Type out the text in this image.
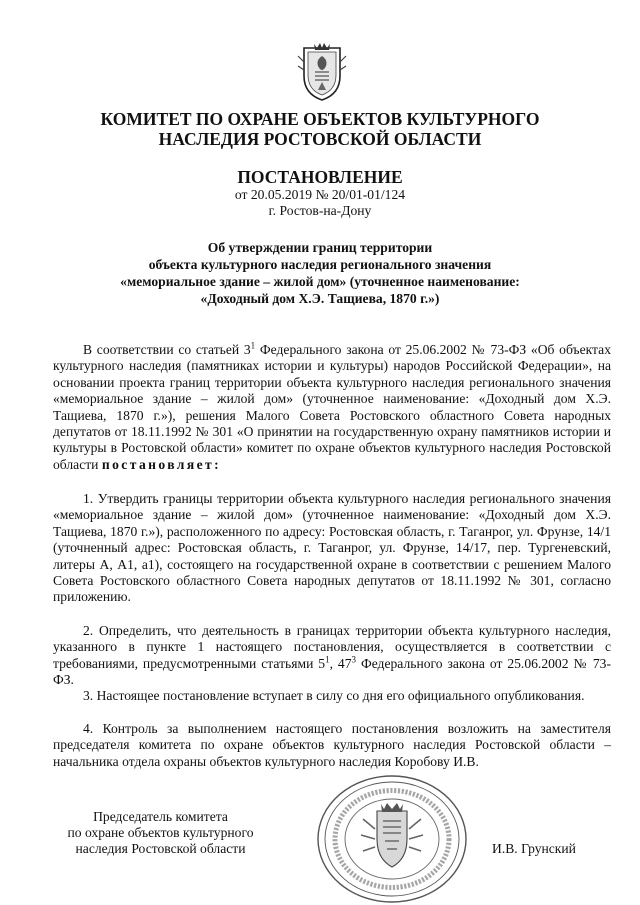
КОМИТЕТ ПО ОХРАНЕ ОБЪЕКТОВ КУЛЬТУРНОГО
НАСЛЕДИЯ РОСТОВСКОЙ ОБЛАСТИ
ПОСТАНОВЛЕНИЕ
от 20.05.2019 № 20/01-01/124
г. Ростов-на-Дону
Об утверждении границ территории
объекта культурного наследия регионального значения
«мемориальное здание – жилой дом» (уточненное наименование:
«Доходный дом Х.Э. Тащиева, 1870 г.»)
В соответствии со статьей $3^1$ Федерального закона от 25.06.2002 № 73-ФЗ «Об объектах культурного наследия (памятниках истории и культуры) народов Российской Федерации», на основании проекта границ территории объекта культурного наследия регионального значения «мемориальное здание – жилой дом» (уточненное наименование: «Доходный дом Х.Э. Тащиева, 1870 г.»), решения Малого Совета Ростовского областного Совета народных депутатов от 18.11.1992 № 301 «О принятии на государственную охрану памятников истории и культуры в Ростовской области» комитет по охране объектов культурного наследия Ростовской области постановляет:
1. Утвердить границы территории объекта культурного наследия регионального значения «мемориальное здание – жилой дом» (уточненное наименование: «Доходный дом Х.Э. Тащиева, 1870 г.»), расположенного по адресу: Ростовская область, г. Таганрог, ул. Фрунзе, 14/1 (уточненный адрес: Ростовская область, г. Таганрог, ул. Фрунзе, 14/17, пер. Тургеневский, литеры А, А1, а1), состоящего на государственной охране в соответствии с решением Малого Совета Ростовского областного Совета народных депутатов от 18.11.1992 № 301, согласно приложению.
2. Определить, что деятельность в границах территории объекта культурного наследия, указанного в пункте 1 настоящего постановления, осуществляется в соответствии с требованиями, предусмотренными статьями $5^1$, $47^3$ Федерального закона от 25.06.2002 № 73-ФЗ.
3. Настоящее постановление вступает в силу со дня его официального опубликования.
4. Контроль за выполнением настоящего постановления возложить на заместителя председателя комитета по охране объектов культурного наследия Ростовской области – начальника отдела охраны объектов культурного наследия Коробову И.В.
Председатель комитета
по охране объектов культурного
наследия Ростовской области	И.В. Грунский
